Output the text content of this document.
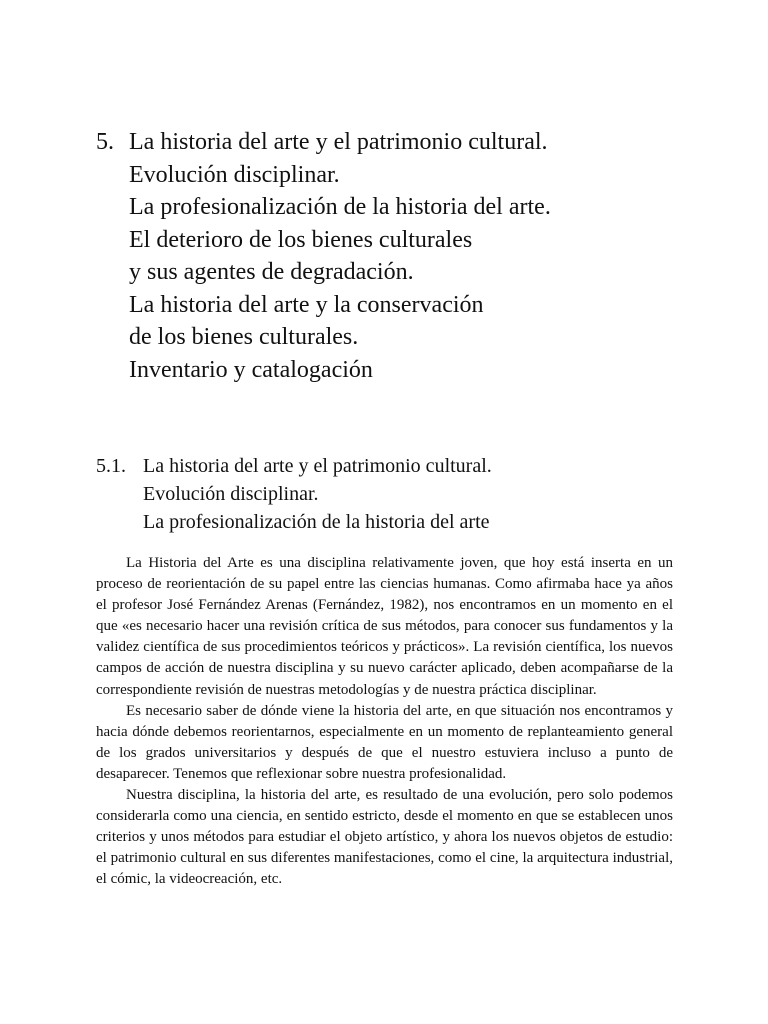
5. La historia del arte y el patrimonio cultural.
Evolución disciplinar.
La profesionalización de la historia del arte.
El deterioro de los bienes culturales
y sus agentes de degradación.
La historia del arte y la conservación
de los bienes culturales.
Inventario y catalogación
5.1. La historia del arte y el patrimonio cultural.
Evolución disciplinar.
La profesionalización de la historia del arte

La Historia del Arte es una disciplina relativamente joven, que hoy está inserta en un proceso de reorientación de su papel entre las ciencias humanas. Como afirmaba hace ya años el profesor José Fernández Arenas (Fernández, 1982), nos encontramos en un momento en el que «es necesario hacer una revisión crítica de sus métodos, para conocer sus fundamentos y la validez científica de sus procedimientos teóricos y prácticos». La revisión científica, los nuevos campos de acción de nuestra disciplina y su nuevo carácter aplicado, deben acompañarse de la correspondiente revisión de nuestras metodologías y de nuestra práctica disciplinar.

Es necesario saber de dónde viene la historia del arte, en que situación nos encontramos y hacia dónde debemos reorientarnos, especialmente en un momento de replanteamiento general de los grados universitarios y después de que el nuestro estuviera incluso a punto de desaparecer. Tenemos que reflexionar sobre nuestra profesionalidad.

Nuestra disciplina, la historia del arte, es resultado de una evolución, pero solo podemos considerarla como una ciencia, en sentido estricto, desde el momento en que se establecen unos criterios y unos métodos para estudiar el objeto artístico, y ahora los nuevos objetos de estudio: el patrimonio cultural en sus diferentes manifestaciones, como el cine, la arquitectura industrial, el cómic, la videocreación, etc.
